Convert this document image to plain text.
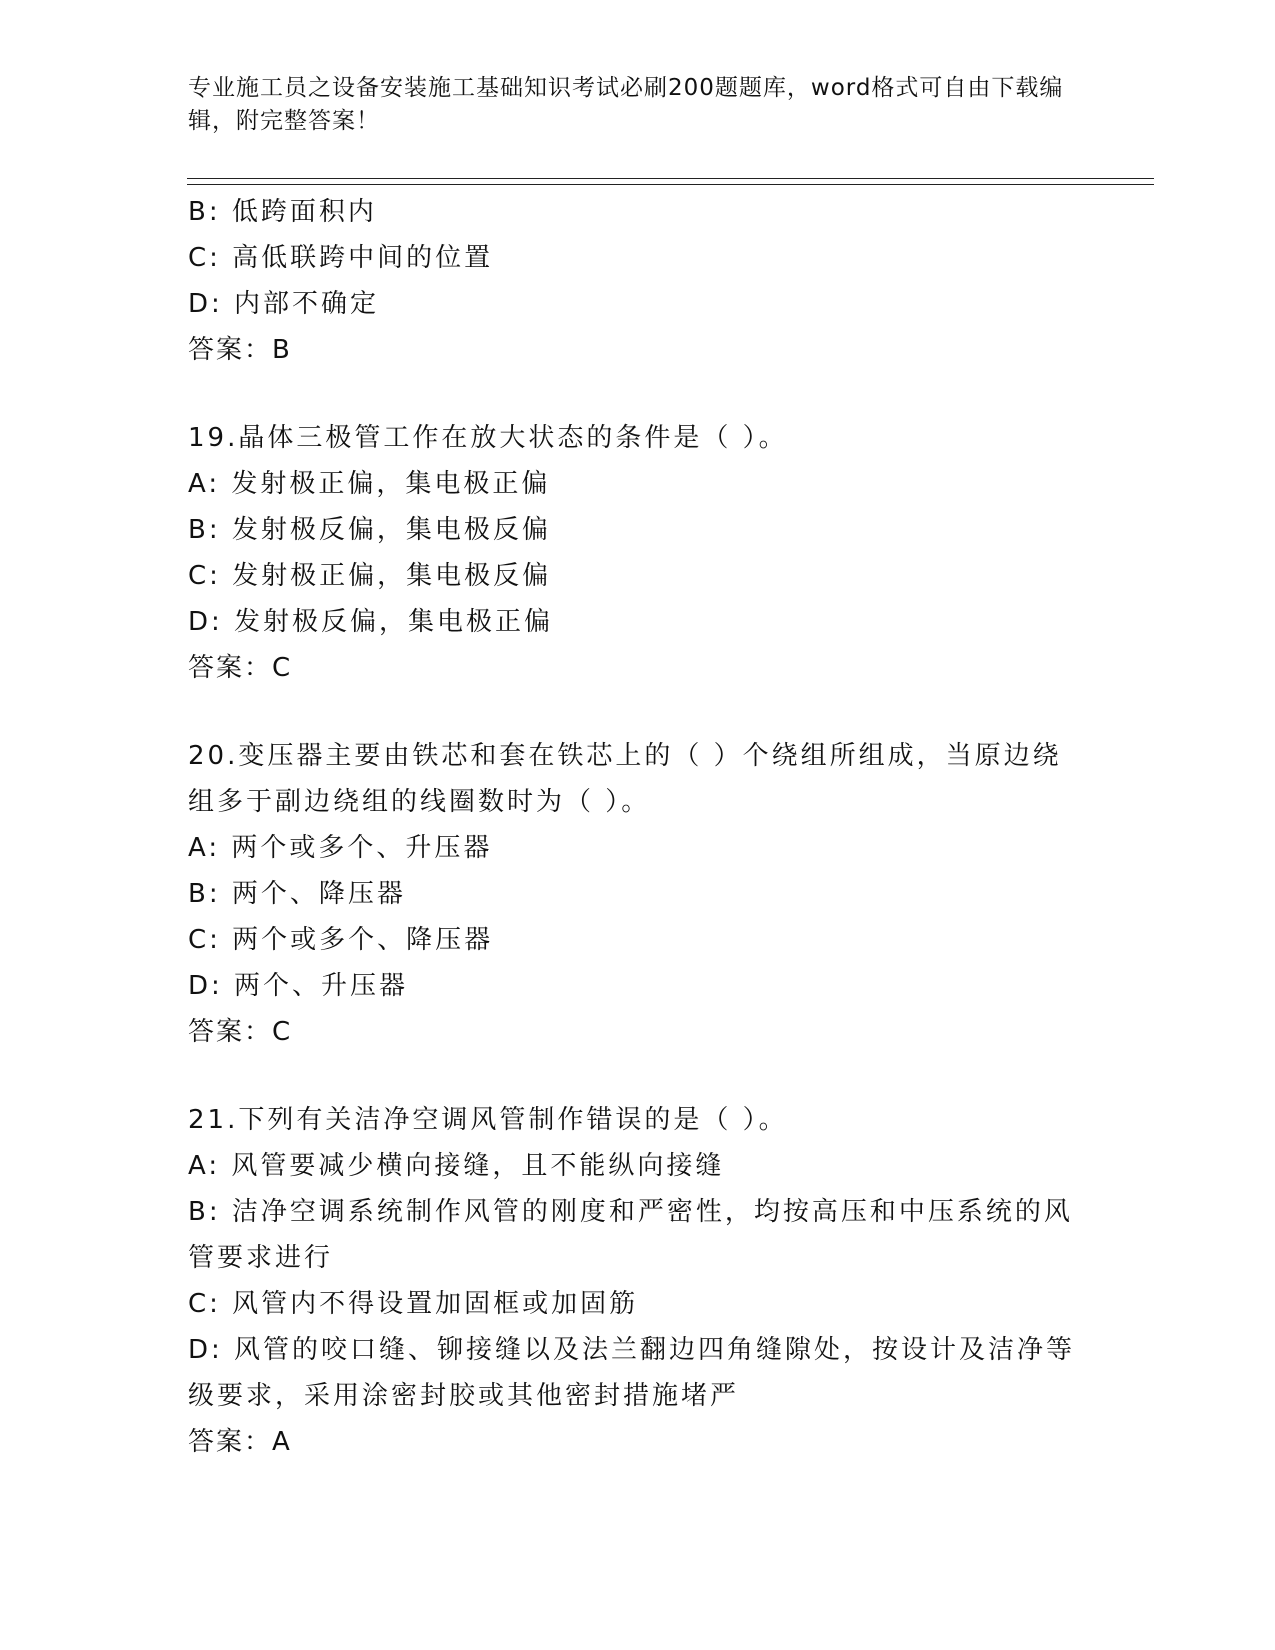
专业施工员之设备安装施工基础知识考试必刷200题题库，word格式可自由下载编辑，附完整答案！
B: 低跨面积内
C: 高低联跨中间的位置
D: 内部不确定
答案：B
19.晶体三极管工作在放大状态的条件是（ ）。
A: 发射极正偏，集电极正偏
B: 发射极反偏，集电极反偏
C: 发射极正偏，集电极反偏
D: 发射极反偏，集电极正偏
答案：C
20.变压器主要由铁芯和套在铁芯上的（ ）个绕组所组成，当原边绕
组多于副边绕组的线圈数时为（ ）。
A: 两个或多个、升压器
B: 两个、降压器
C: 两个或多个、降压器
D: 两个、升压器
答案：C
21.下列有关洁净空调风管制作错误的是（ ）。
A: 风管要减少横向接缝，且不能纵向接缝
B: 洁净空调系统制作风管的刚度和严密性，均按高压和中压系统的风
管要求进行
C: 风管内不得设置加固框或加固筋
D: 风管的咬口缝、铆接缝以及法兰翻边四角缝隙处，按设计及洁净等
级要求，采用涂密封胶或其他密封措施堵严
答案：A
